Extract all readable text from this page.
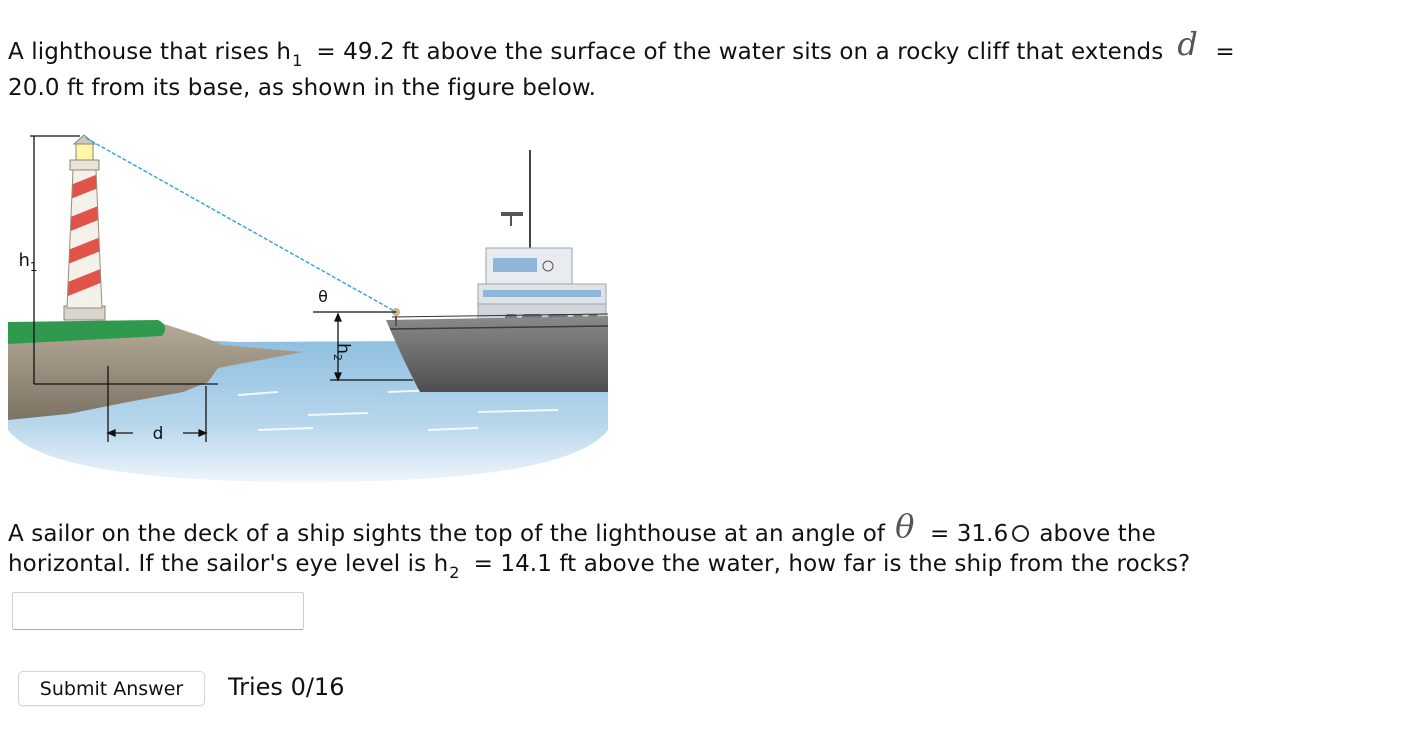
A lighthouse that rises $h_1 = 49.2$ ft above the surface of the water sits on a rocky cliff that extends d =
20.0 ft from its base, as shown in the figure below.
$h_1$
θ
$h_2$
d
A sailor on the deck of a ship sights the top of the lighthouse at an angle of θ = 31.6 above the
horizontal. If the sailor's eye level is $h_2 = 14.1$ ft above the water, how far is the ship from the rocks?
Submit Answer	Tries 0/16
